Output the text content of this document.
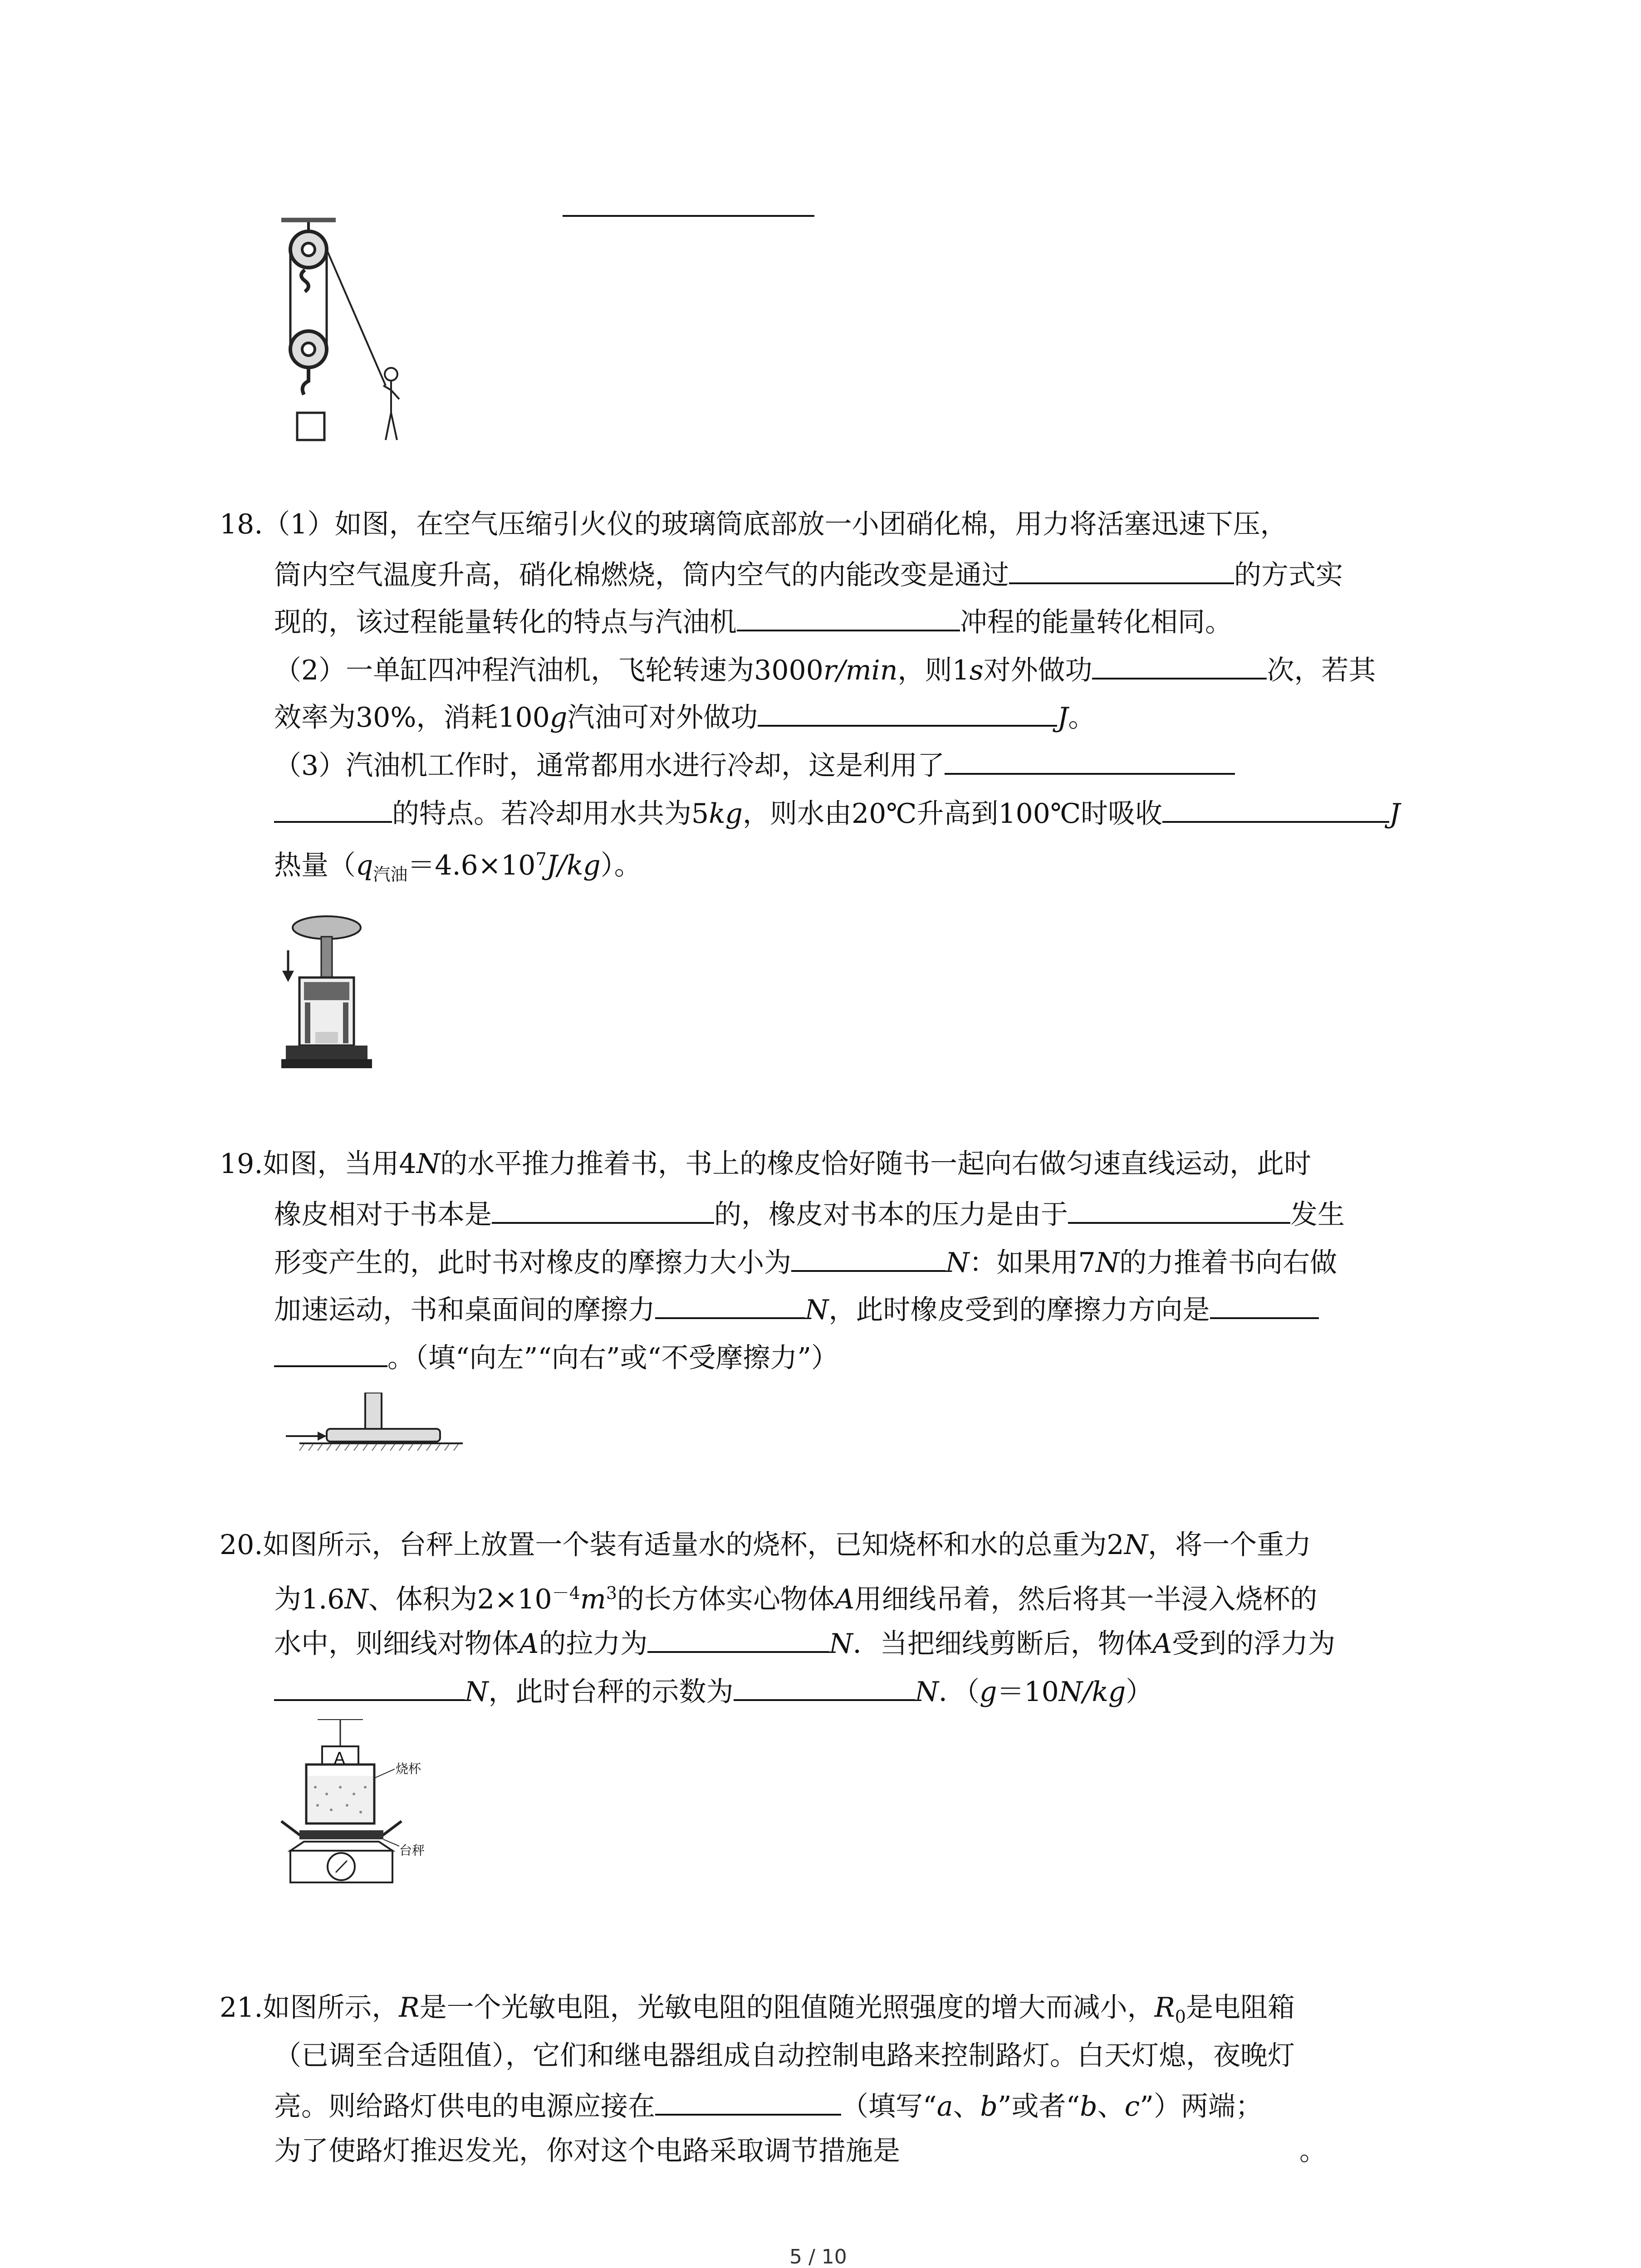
18.（1）如图，在空气压缩引火仪的玻璃筒底部放一小团硝化棉，用力将活塞迅速下压，
筒内空气温度升高，硝化棉燃烧，筒内空气的内能改变是通过	的方式实
现的，该过程能量转化的特点与汽油机	冲程的能量转化相同。
（2）一单缸四冲程汽油机，飞轮转速为3000r/min，则1s对外做功	次，若其
效率为30%，消耗100g汽油可对外做功	J。
（3）汽油机工作时，通常都用水进行冷却，这是利用了
的特点。若冷却用水共为5kg，则水由20℃升高到100℃时吸收	J
热量$(q_{汽油}=4.6\times 10^7J/kg)$。
19.如图，当用4N的水平推力推着书，书上的橡皮恰好随书一起向右做匀速直线运动，此时
橡皮相对于书本是	的，橡皮对书本的压力是由于	发生
形变产生的，此时书对橡皮的摩擦力大小为	N：如果用7N的力推着书向右做
加速运动，书和桌面间的摩擦力	N，此时橡皮受到的摩擦力方向是
。（填“向左”“向右”或“不受摩擦力”）
20.如图所示，台秤上放置一个装有适量水的烧杯，已知烧杯和水的总重为2N，将一个重力
为1.6N、体积为$2\times 10^{-4}m^3$的长方体实心物体A用细线吊着，然后将其一半浸入烧杯的
水中，则细线对物体A的拉力为	N．当把细线剪断后，物体A受到的浮力为
N，此时台秤的示数为	N．（g＝10N/kg）
A
烧杯
台秤
21.如图所示，R是一个光敏电阻，光敏电阻的阻值随光照强度的增大而减小，$R_0$是电阻箱
（已调至合适阻值），它们和继电器组成自动控制电路来控制路灯。白天灯熄，夜晚灯
亮。则给路灯供电的电源应接在	（填写“a、b”或者“b、c”）两端；
为了使路灯推迟发光，你对这个电路采取调节措施是	。
5 / 10
